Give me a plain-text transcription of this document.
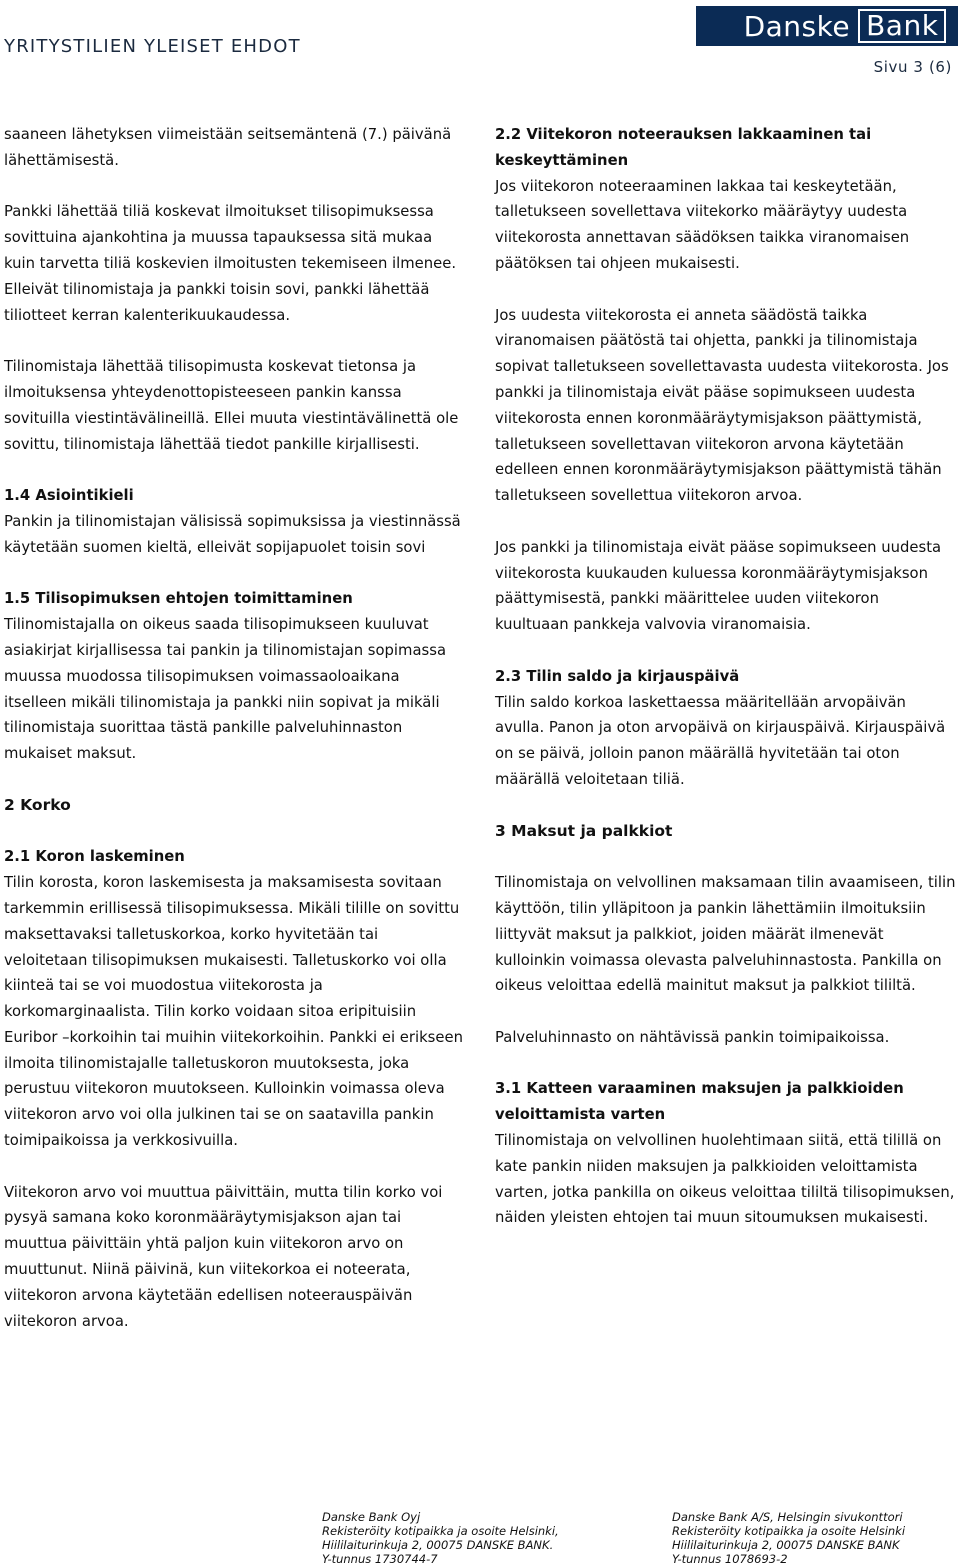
YRITYSTILIEN YLEISET EHDOT
Danske Bank
Sivu 3 (6)

saaneen lähetyksen viimeistään seitsemäntenä (7.) päivänä lähettämisestä.

Pankki lähettää tiliä koskevat ilmoitukset tilisopimuksessa sovittuina ajankohtina ja muussa tapauksessa sitä mukaa kuin tarvetta tiliä koskevien ilmoitusten tekemiseen ilmenee. Elleivät tilinomistaja ja pankki toisin sovi, pankki lähettää tiliotteet kerran kalenterikuukaudessa.

Tilinomistaja lähettää tilisopimusta koskevat tietonsa ja ilmoituksensa yhteydenottopisteeseen pankin kanssa sovituilla viestintävälineillä. Ellei muuta viestintävälinettä ole sovittu, tilinomistaja lähettää tiedot pankille kirjallisesti.

1.4 Asiointikieli

Pankin ja tilinomistajan välisissä sopimuksissa ja viestinnässä käytetään suomen kieltä, elleivät sopijapuolet toisin sovi

1.5 Tilisopimuksen ehtojen toimittaminen

Tilinomistajalla on oikeus saada tilisopimukseen kuuluvat asiakirjat kirjallisessa tai pankin ja tilinomistajan sopimassa muussa muodossa tilisopimuksen voimassaoloaikana itselleen mikäli tilinomistaja ja pankki niin sopivat ja mikäli tilinomistaja suorittaa tästä pankille palveluhinnaston mukaiset maksut.

2 Korko
2.1 Koron laskeminen

Tilin korosta, koron laskemisesta ja maksamisesta sovitaan tarkemmin erillisessä tilisopimuksessa. Mikäli tilille on sovittu maksettavaksi talletuskorkoa, korko hyvitetään tai veloitetaan tilisopimuksen mukaisesti. Talletuskorko voi olla kiinteä tai se voi muodostua viitekorosta ja korkomarginaalista. Tilin korko voidaan sitoa eripituisiin Euribor –korkoihin tai muihin viitekorkoihin. Pankki ei erikseen ilmoita tilinomistajalle talletuskoron muutoksesta, joka perustuu viitekoron muutokseen. Kulloinkin voimassa oleva viitekoron arvo voi olla julkinen tai se on saatavilla pankin toimipaikoissa ja verkkosivuilla.

Viitekoron arvo voi muuttua päivittäin, mutta tilin korko voi pysyä samana koko koronmääräytymisjakson ajan tai muuttua päivittäin yhtä paljon kuin viitekoron arvo on muuttunut. Niinä päivinä, kun viitekorkoa ei noteerata, viitekoron arvona käytetään edellisen noteerauspäivän viitekoron arvoa.

2.2 Viitekoron noteerauksen lakkaaminen tai keskeyttäminen

Jos viitekoron noteeraaminen lakkaa tai keskeytetään, talletukseen sovellettava viitekorko määräytyy uudesta viitekorosta annettavan säädöksen taikka viranomaisen päätöksen tai ohjeen mukaisesti.

Jos uudesta viitekorosta ei anneta säädöstä taikka viranomaisen päätöstä tai ohjetta, pankki ja tilinomistaja sopivat talletukseen sovellettavasta uudesta viitekorosta. Jos pankki ja tilinomistaja eivät pääse sopimukseen uudesta viitekorosta ennen koronmääräytymisjakson päättymistä, talletukseen sovellettavan viitekoron arvona käytetään edelleen ennen koronmääräytymisjakson päättymistä tähän talletukseen sovellettua viitekoron arvoa.

Jos pankki ja tilinomistaja eivät pääse sopimukseen uudesta viitekorosta kuukauden kuluessa koronmääräytymisjakson päättymisestä, pankki määrittelee uuden viitekoron kuultuaan pankkeja valvovia viranomaisia.

2.3 Tilin saldo ja kirjauspäivä

Tilin saldo korkoa laskettaessa määritellään arvopäivän avulla. Panon ja oton arvopäivä on kirjauspäivä. Kirjauspäivä on se päivä, jolloin panon määrällä hyvitetään tai oton määrällä veloitetaan tiliä.

3 Maksut ja palkkiot

Tilinomistaja on velvollinen maksamaan tilin avaamiseen, tilin käyttöön, tilin ylläpitoon ja pankin lähettämiin ilmoituksiin liittyvät maksut ja palkkiot, joiden määrät ilmenevät kulloinkin voimassa olevasta palveluhinnastosta. Pankilla on oikeus veloittaa edellä mainitut maksut ja palkkiot tililtä.

Palveluhinnasto on nähtävissä pankin toimipaikoissa.

3.1 Katteen varaaminen maksujen ja palkkioiden veloittamista varten

Tilinomistaja on velvollinen huolehtimaan siitä, että tilillä on kate pankin niiden maksujen ja palkkioiden veloittamista varten, jotka pankilla on oikeus veloittaa tililtä tilisopimuksen, näiden yleisten ehtojen tai muun sitoumuksen mukaisesti.

Danske Bank Oyj
Rekisteröity kotipaikka ja osoite Helsinki,
Hiililaiturinkuja 2, 00075 DANSKE BANK.
Y-tunnus 1730744-7
Danske Bank A/S, Helsingin sivukonttori
Rekisteröity kotipaikka ja osoite Helsinki
Hiililaiturinkuja 2, 00075 DANSKE BANK
Y-tunnus 1078693-2
